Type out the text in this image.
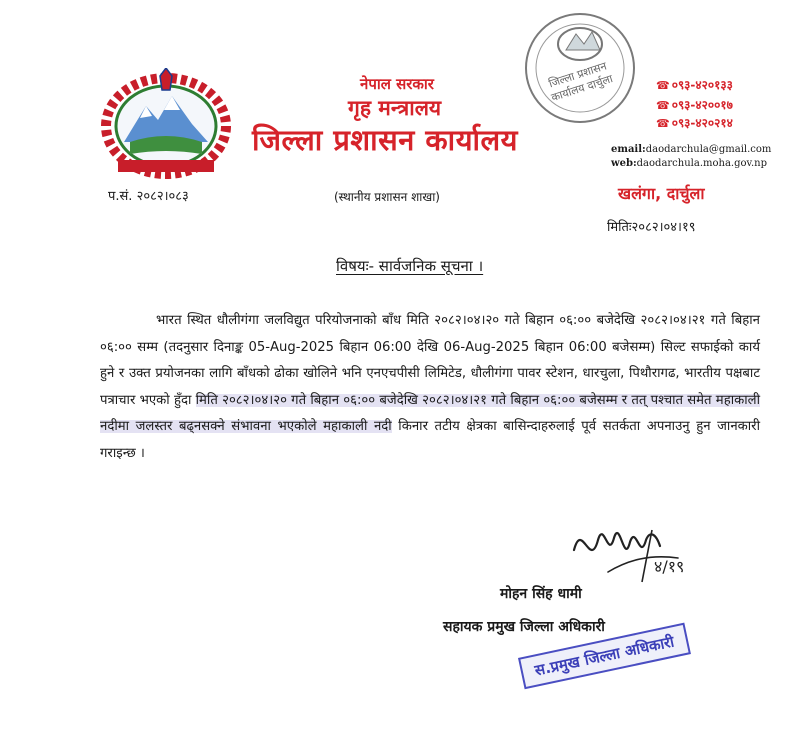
नेपाल सरकार
गृह मन्त्रालय
जिल्ला प्रशासन कार्यालय
जिल्ला प्रशासन कार्यालय दार्चुला	☎ ०९३-४२०१३३
☎ ०९३-४२००१७
☎ ०९३-४२०२१४
email:daodarchula@gmail.com
web:daodarchula.moha.gov.np
प.सं. २०८२।०८३	(स्थानीय प्रशासन शाखा)	खलंगा, दार्चुला
मितिः२०८२।०४।१९
विषयः- सार्वजनिक सूचना ।
भारत स्थित धौलीगंगा जलविद्युत परियोजनाको बाँध मिति २०८२।०४।२० गते बिहान ०६:०० बजेदेखि २०८२।०४।२१ गते बिहान ०६:०० सम्म (तदनुसार दिनाङ्क 05-Aug-2025 बिहान 06:00 देखि 06-Aug-2025 बिहान 06:00 बजेसम्म) सिल्ट सफाईको कार्य हुने र उक्त प्रयोजनका लागि बाँधको ढोका खोलिने भनि एनएचपीसी लिमिटेड, धौलीगंगा पावर स्टेशन, धारचुला, पिथौरागढ, भारतीय पक्षबाट पत्राचार भएको हुँदा मिति २०८२।०४।२० गते बिहान ०६:०० बजेदेखि २०८२।०४।२१ गते बिहान ०६:०० बजेसम्म र तत् पश्चात समेत महाकाली नदीमा जलस्तर बढ्नसक्ने संभावना भएकोले महाकाली नदी किनार तटीय क्षेत्रका बासिन्दाहरुलाई पूर्व सतर्कता अपनाउनु हुन जानकारी गराइन्छ ।
४/१९
मोहन सिंह धामी
सहायक प्रमुख जिल्ला अधिकारी
स.प्रमुख जिल्ला अधिकारी
